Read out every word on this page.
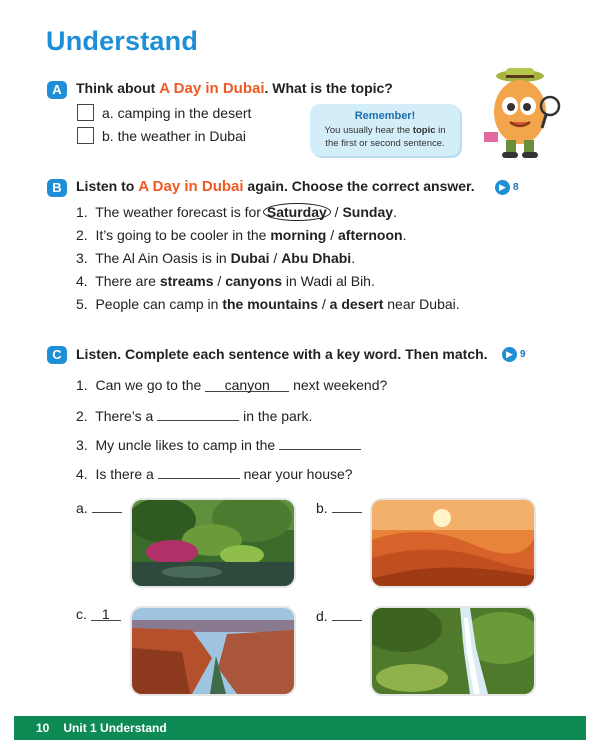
Understand
A	Think about A Day in Dubai. What is the topic?
a. camping in the desert
b. the weather in Dubai
Remember!
You usually hear the topic in
the first or second sentence.
B	Listen to A Day in Dubai again. Choose the correct answer.	▶ 8
1. The weather forecast is for Saturday / Sunday.
2. It’s going to be cooler in the morning / afternoon.
3. The Al Ain Oasis is in Dubai / Abu Dhabi.
4. There are streams / canyons in Wadi al Bih.
5. People can camp in the mountains / a desert near Dubai.
C	Listen. Complete each sentence with a key word. Then match.	▶ 9
1. Can we go to the canyon next weekend?
2. There’s a	in the park.
3. My uncle likes to camp in the
4. Is there a	near your house?
a.	b.
c. 1	d.
10 Unit 1 Understand
